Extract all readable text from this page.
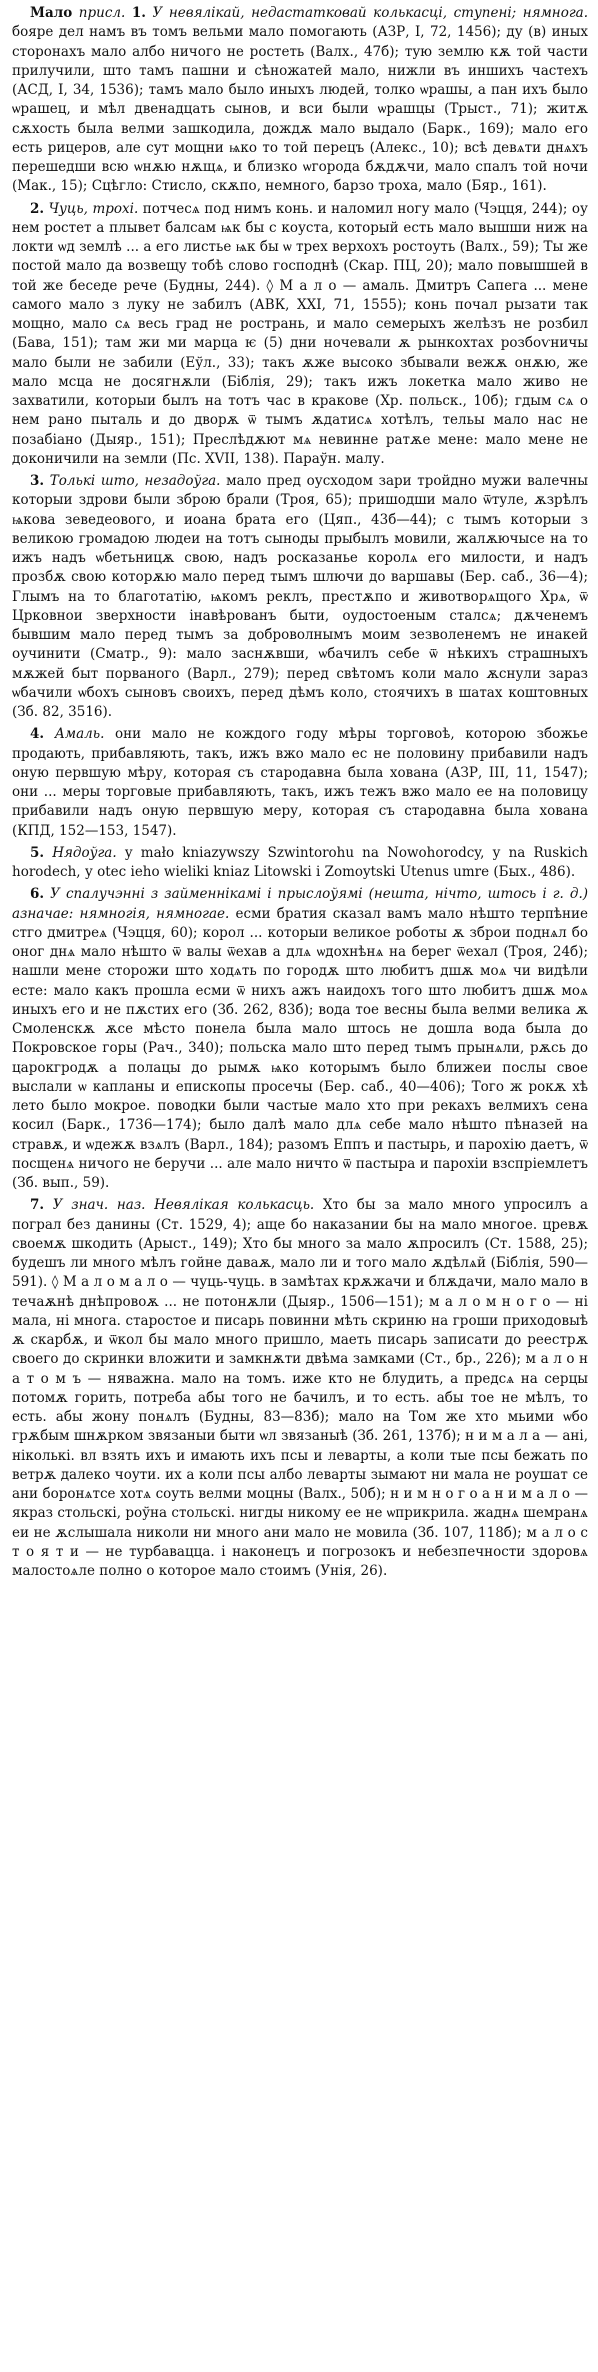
Мало присл. 1. У невялікай, недастатковай колькасці, ступені; нямнога. бояре дел намъ въ томъ вельми мало помогають (АЗР, I, 72, 1456); ду (в) иных сторонахъ мало албо ничого не ростеть (Валх., 47б); тую землю кѫ той части прилучили, што тамъ пашни и сѣножатей мало, нижли въ иншихъ частехъ (АСД, I, 34, 1536); тамъ мало было иныхъ людей, толко ѡрашы, а пан ихъ было ѡрашец, и мѣл двенадцать сынов, и вси были ѡрашцы (Трыст., 71); житѫ сѫхость была велми зашкодила, дождѫ мало выдало (Барк., 169); мало его есть рицеров, але сут мощни ѩко то той перецъ (Алекс., 10); всѣ девѧти днѧхъ перешедши всю ѡнѫю нѫщѧ, и близко ѡгорода бѫдѫчи, мало спалъ той ночи (Мак., 15); Сцѣгло: Стисло, скѫпо, немного, барзо троха, мало (Бяр., 161).

2. Чуць, трохі. потчесѧ под нимъ конь. и наломил ногу мало (Чэцця, 244); оу нем ростет а плывет балсам ѩк бы с коуста, который есть мало вышши ниж на локти ѡд землѣ ... а его листье ѩк бы ѡ трех верхохъ ростоуть (Валх., 59); Ты же постой мало да возвещу тобѣ слово господнѣ (Скар. ПЦ, 20); мало повышшей в той же беседе рече (Будны, 244). ◊ М а л о — амаль. Дмитръ Сапега ... мене самого мало з луку не забилъ (АВК, XXI, 71, 1555); конь почал рызати так мощно, мало сѧ весь град не ространь, и мало семерыхъ желѣзъ не розбил (Бава, 151); там жи ми марца ѥ (5) дни ночевали ѫ рынкохтах розбоѵничы мало были не забили (Еўл., 33); такъ ѫже высоко збывали вежѫ онѫю, же мало мсца не досягнѫли (Біблія, 29); такъ ижъ локетка мало живо не захватили, которыи былъ на тотъ час в кракове (Хр. польск., 10б); гдым сѧ о нем рано пыталь и до дворѫ ѿ тымъ ѫдатисѧ хотѣлъ, тельы мало нас не позабіано (Дыяр., 151); Преслѣдѫют мѧ невинне ратѫе мене: мало мене не доконичили на земли (Пс. XVII, 138). Параўн. малу.

3. Толькі што, незадоўга. мало пред оусходом зари тройдно мужи валечны которыи здрови были зброю брали (Троя, 65); пришодши мало ѿтуле, ѫзрѣлъ ѩкова зеведеового, и иоана брата его (Цяп., 43б—44); с тымъ которыи з великою громадою людеи на тотъ сыноды прыбылъ мовили, жалѫючысе на то ижъ надъ ѡбетьницѫ свою, надъ росказанье королѧ его милости, и надъ прозбѫ свою которѫю мало перед тымъ шлючи до варшавы (Бер. саб., 36—4); Глымъ на то благотатію, ѩкомъ реклъ, престѫпо и животворѧщого Хрѧ, ѿ Црковнои зверхности інавѣрованъ быти, оудостоеным сталсѧ; дѫченемъ бывшим мало перед тымъ за доброволнымъ моим зезволенемъ не инакей оучинити (Сматр., 9): мало заснѫвши, ѡбачилъ себе ѿ нѣкихъ страшныхъ мѫжей быт порваного (Варл., 279); перед свѣтомъ коли мало ѫснули зараз ѡбачили ѡбохъ сыновъ своихъ, перед дѣмъ коло, стоячихъ в шатах коштовных (Зб. 82, 3516).

4. Амаль. они мало не кождого году мѣры торговоѣ, которою збожье продають, прибавляють, такъ, ижъ вжо мало ес не половину прибавили надъ оную первшую мѣру, которая съ стародавна была хована (АЗР, III, 11, 1547); они ... меры торговые прибавляють, такъ, ижъ тежъ вжо мало ее на половицу прибавили надъ оную первшую меру, которая съ стародавна была хована (КПД, 152—153, 1547).

5. Нядоўга. у mało kniazywszy Szwintorohu na Nowohorodcy, у na Ruskich horodech, у otec ieho wieliki kniaz Litowski i Zomoytski Utenus umre (Бых., 486).

6. У спалучэнні з займеннікамі і прыслоўямі (нешта, нічто, штось і г. д.) азначае: нямногія, нямногае. есми братия сказал вамъ мало нѣшто терпѣние стго дмитреѧ (Чэцця, 60); корол ... которыи великое роботы ѫ зброи поднѧл бо оног днѧ мало нѣшто ѿ валы ѿехав а длѧ ѡдохнѣнѧ на берег ѿехал (Троя, 24б); нашли мене сторожи што ходѧть по городѫ што любитъ дшѫ моѧ чи видѣли есте: мало какъ прошла есми ѿ нихъ ажъ наидохъ того што любитъ дшѫ моѧ иныхъ его и не пѫстих его (Зб. 262, 83б); вода тое весны была велми велика ѫ Смоленскѫ ѫсе мѣсто понела была мало штось не дошла вода была до Покровское горы (Рач., 340); польска мало што перед тымъ прынѧли, рѫсь до царокгродѫ а полацы до рымѫ ѩко которымъ было ближеи послы свое выслали ѡ капланы и епископы просечы (Бер. саб., 40—406); Того ж рокѫ хѣ лето было мокрое. поводки были частые мало хто при рекахъ велмихъ сена косил (Барк., 1736—174); было далѣ мало длѧ себе мало нѣшто пѣназей на стравѫ, и ѡдежѫ взѧлъ (Варл., 184); разомъ Еппъ и пастырь, и парохію даетъ, ѿ посщенѧ ничого не беручи ... але мало ничто ѿ пастыра и парохіи взспріемлетъ (Зб. вып., 59).

7. У знач. наз. Невялікая колькасць. Хто бы за мало много упросилъ а пограл без данины (Ст. 1529, 4); аще бо наказании бы на мало многое. цревѫ своемѫ шкодить (Арыст., 149); Хто бы много за мало ѫпросилъ (Ст. 1588, 25); будешъ ли много мѣлъ гойне даваѫ, мало ли и того мало ѫдѣлѧй (Біблія, 590—591). ◊ М а л о м а л о — чуць-чуць. в замѣтах крѫжачи и блѫдачи, мало мало в течаѫнѣ днѣпровоѫ ... не потонѫли (Дыяр., 1506—151); м а л о м н о г о — ні мала, ні многа. старостое и писарь повинни мѣть скриню на гроши приходовыѣ ѫ скарбѫ, и ѿкол бы мало много пришло, маеть писарь записати до реестрѫ своего до скринки вложити и замкнѫти двѣма замками (Ст., бр., 226); м а л о н а т о м ъ — няважна. мало на томъ. иже кто не блудить, а предсѧ на серцы потомѫ горить, потреба абы того не бачилъ, и то есть. абы тое не мѣлъ, то есть. абы жону понѧлъ (Будны, 83—83б); мало на Том же хто мьими ѡбо грѫбым шнѫрком звязаныи быти ѡл звязаныѣ (Зб. 261, 137б); н и м а л а — ані, ніколькі. вл взять ихъ и имають ихъ псы и леварты, а коли тые псы бежать по ветрѫ далеко чоути. их а коли псы албо леварты зымают ни мала не роушат се ани боронѧтсе хотѧ соуть велми моцны (Валх., 50б); н и м н о г о а н и м а л о — якраз стольскі, роўна стольскі. нигды никому ее не ѡприкрила. жаднѧ шемранѧ еи не ѫслышала николи ни много ани мало не мовила (Зб. 107, 118б); м а л о с т о я т и — не турбавацца. і наконецъ и погрозокъ и небезпечности здоровѧ малостоѧле полно о которое мало стоимъ (Унія, 26).
